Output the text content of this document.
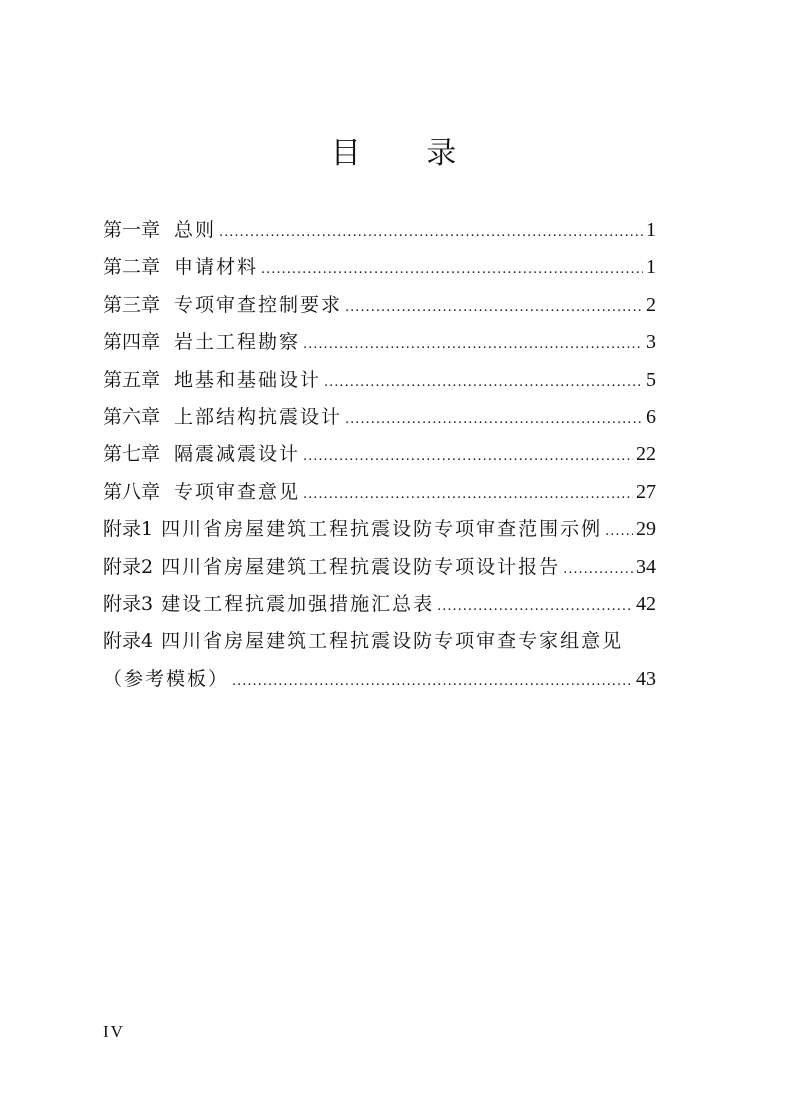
目 录
第一章 总则 .....	1
第二章 申请材料 .....	1
第三章 专项审查控制要求 .....	2
第四章 岩土工程勘察 .....	3
第五章 地基和基础设计 .....	5
第六章 上部结构抗震设计 .....	6
第七章 隔震减震设计 .....	22
第八章 专项审查意见 .....	27
附录1 四川省房屋建筑工程抗震设防专项审查范围示例 ..... 29
附录2 四川省房屋建筑工程抗震设防专项设计报告 .....	34
附录3 建设工程抗震加强措施汇总表 .....	42
附录4 四川省房屋建筑工程抗震设防专项审查专家组意见
（参考模板） .....	43
IV
